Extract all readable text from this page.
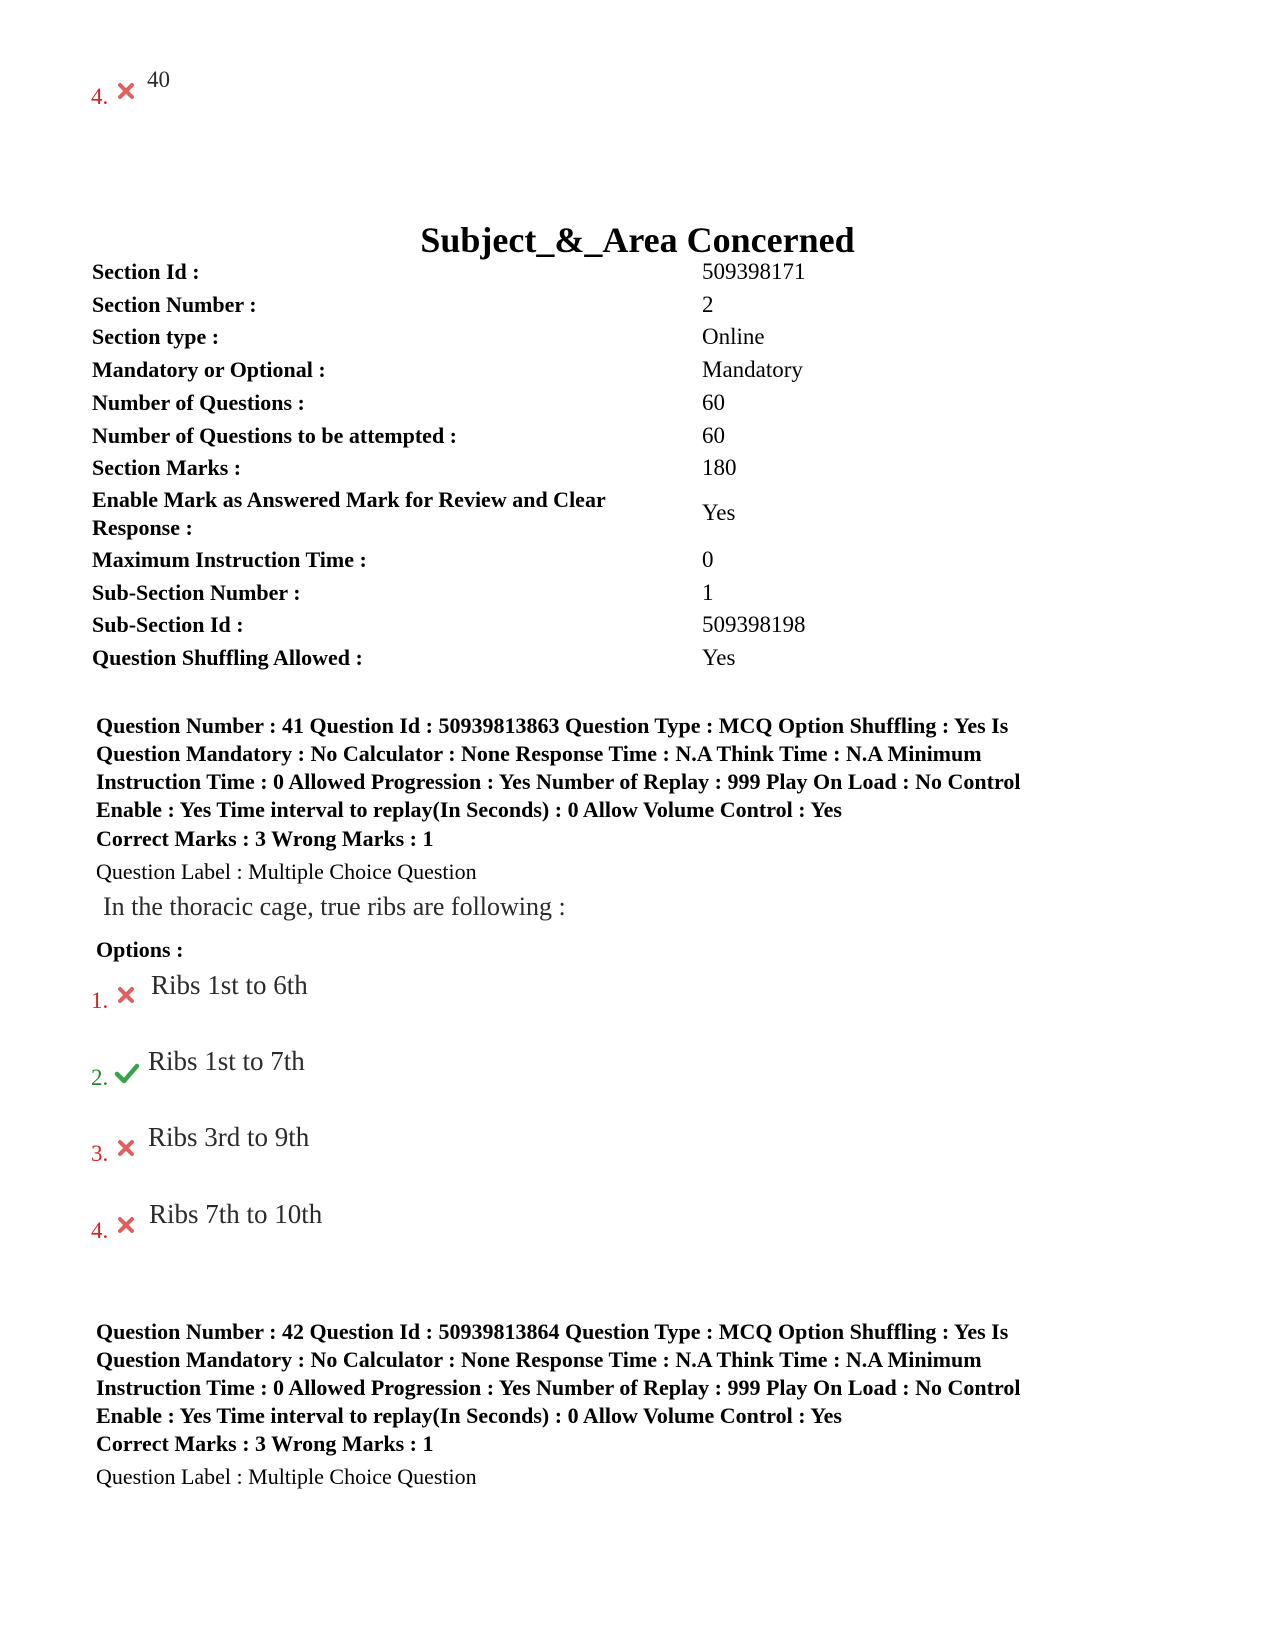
4.
40
Subject_&_Area Concerned
Section Id :	509398171
Section Number :	2
Section type :	Online
Mandatory or Optional :	Mandatory
Number of Questions :	60
Number of Questions to be attempted :	60
Section Marks :	180
Enable Mark as Answered Mark for Review and Clear
Response :
Yes
Maximum Instruction Time :	0
Sub-Section Number :	1
Sub-Section Id :	509398198
Question Shuffling Allowed :	Yes
Question Number : 41 Question Id : 50939813863 Question Type : MCQ Option Shuffling : Yes Is
Question Mandatory : No Calculator : None Response Time : N.A Think Time : N.A Minimum
Instruction Time : 0 Allowed Progression : Yes Number of Replay : 999 Play On Load : No Control
Enable : Yes Time interval to replay(In Seconds) : 0 Allow Volume Control : Yes
Correct Marks : 3 Wrong Marks : 1
Question Label : Multiple Choice Question
In the thoracic cage, true ribs are following :
Options :
1.
Ribs 1st to 6th
2.
Ribs 1st to 7th
3.
Ribs 3rd to 9th
4.
Ribs 7th to 10th
Question Number : 42 Question Id : 50939813864 Question Type : MCQ Option Shuffling : Yes Is
Question Mandatory : No Calculator : None Response Time : N.A Think Time : N.A Minimum
Instruction Time : 0 Allowed Progression : Yes Number of Replay : 999 Play On Load : No Control
Enable : Yes Time interval to replay(In Seconds) : 0 Allow Volume Control : Yes
Correct Marks : 3 Wrong Marks : 1
Question Label : Multiple Choice Question
